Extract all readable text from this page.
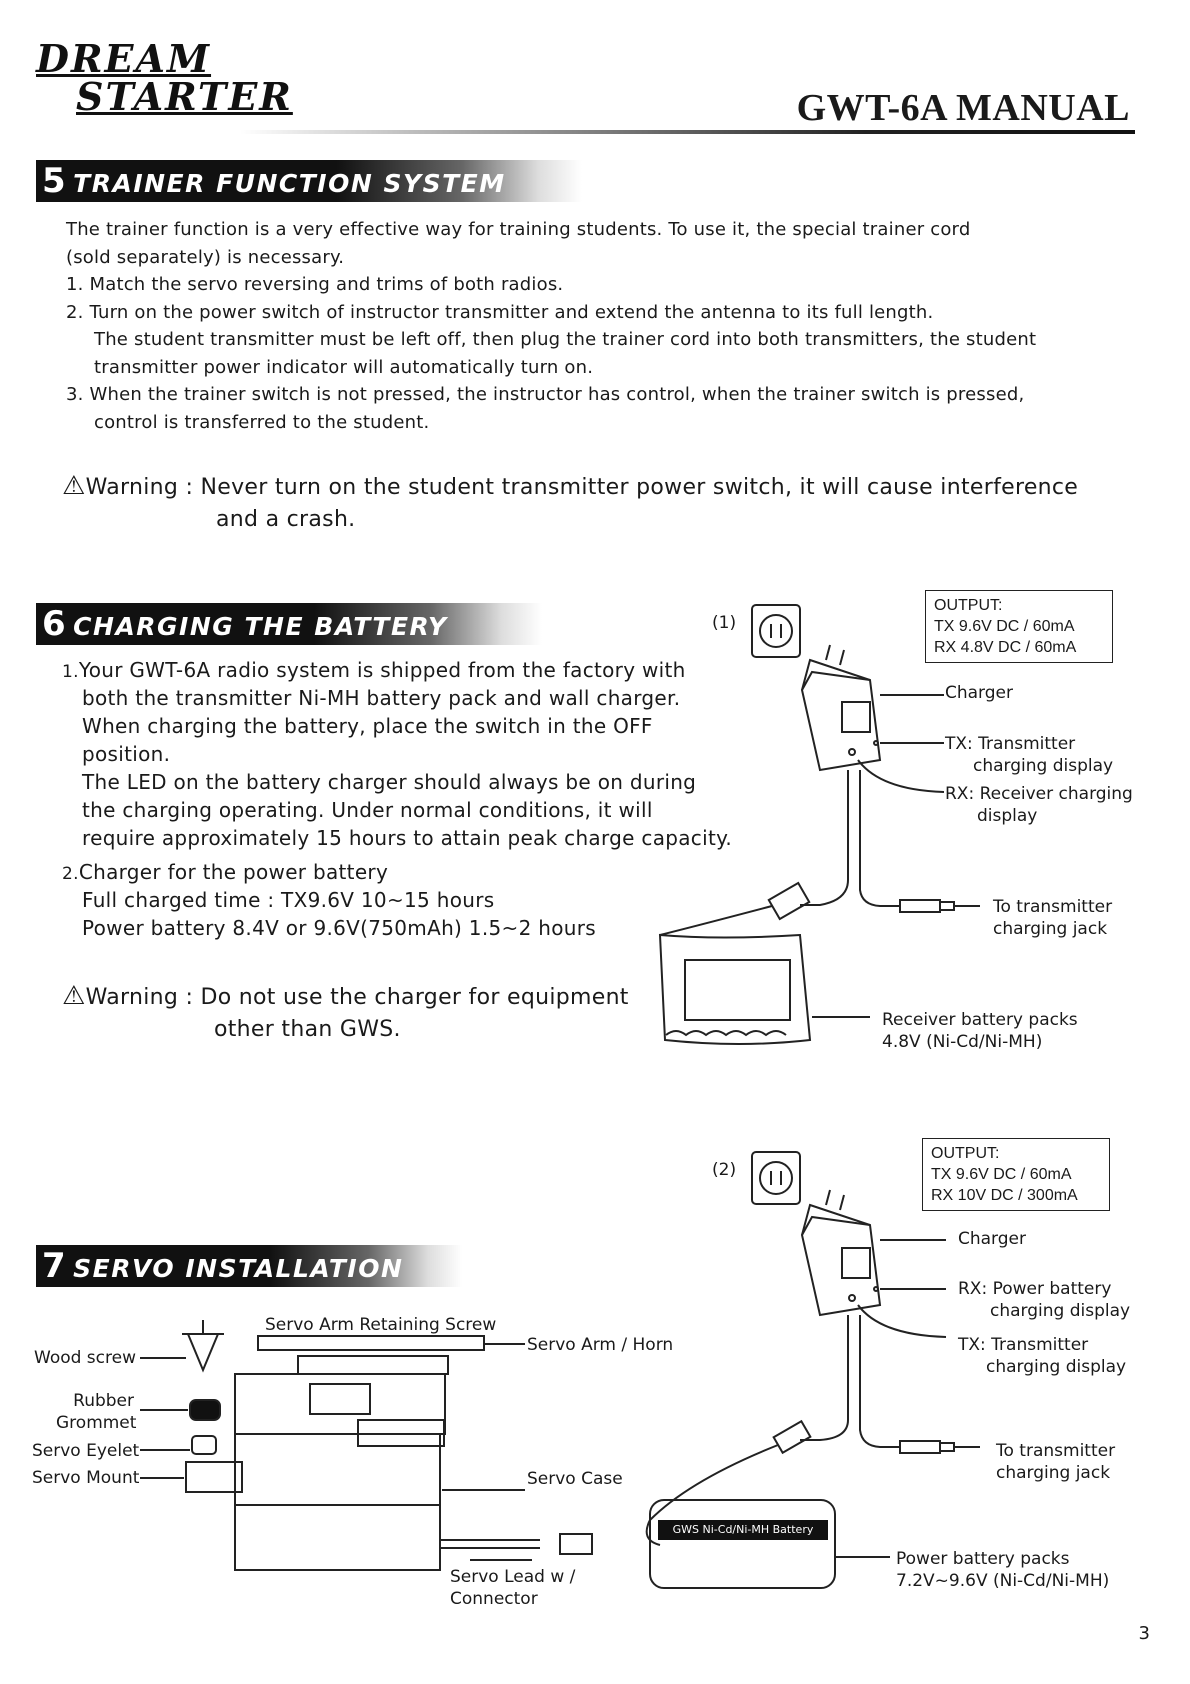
DREAM
STARTER	GWT-6A MANUAL
5 TRAINER FUNCTION SYSTEM

The trainer function is a very effective way for training students. To use it, the special trainer cord

(sold separately) is necessary.

1. Match the servo reversing and trims of both radios.

2. Turn on the power switch of instructor transmitter and extend the antenna to its full length.

The student transmitter must be left off, then plug the trainer cord into both transmitters, the student

transmitter power indicator will automatically turn on.

3. When the trainer switch is not pressed, the instructor has control, when the trainer switch is pressed,

control is transferred to the student.

⚠Warning : Never turn on the student transmitter power switch, it will cause interference
and a crash.
6 CHARGING THE BATTERY

1.Your GWT-6A radio system is shipped from the factory with

both the transmitter Ni-MH battery pack and wall charger.

When charging the battery, place the switch in the OFF

position.

The LED on the battery charger should always be on during

the charging operating. Under normal conditions, it will

require approximately 15 hours to attain peak charge capacity.

2.Charger for the power battery

Full charged time : TX9.6V 10~15 hours

Power battery 8.4V or 9.6V(750mAh) 1.5~2 hours

⚠Warning : Do not use the charger for equipment
other than GWS.
(1)
OUTPUT:
TX 9.6V DC / 60mA
RX 4.8V DC / 60mA
Charger
TX: Transmitter
charging display
RX: Receiver charging
display
To transmitter
charging jack
Receiver battery packs
4.8V (Ni-Cd/Ni-MH)
(2)
OUTPUT:
TX 9.6V DC / 60mA
RX 10V DC / 300mA
Charger
RX: Power battery
charging display
TX: Transmitter
charging display
To transmitter
charging jack
GWS Ni-Cd/Ni-MH Battery
Power battery packs
7.2V~9.6V (Ni-Cd/Ni-MH)
7 SERVO INSTALLATION
Servo Arm Retaining Screw
Servo Arm / Horn
Wood screw
Rubber
Grommet
Servo Eyelet
Servo Mount	Servo Case
Servo Lead w /
Connector
3
